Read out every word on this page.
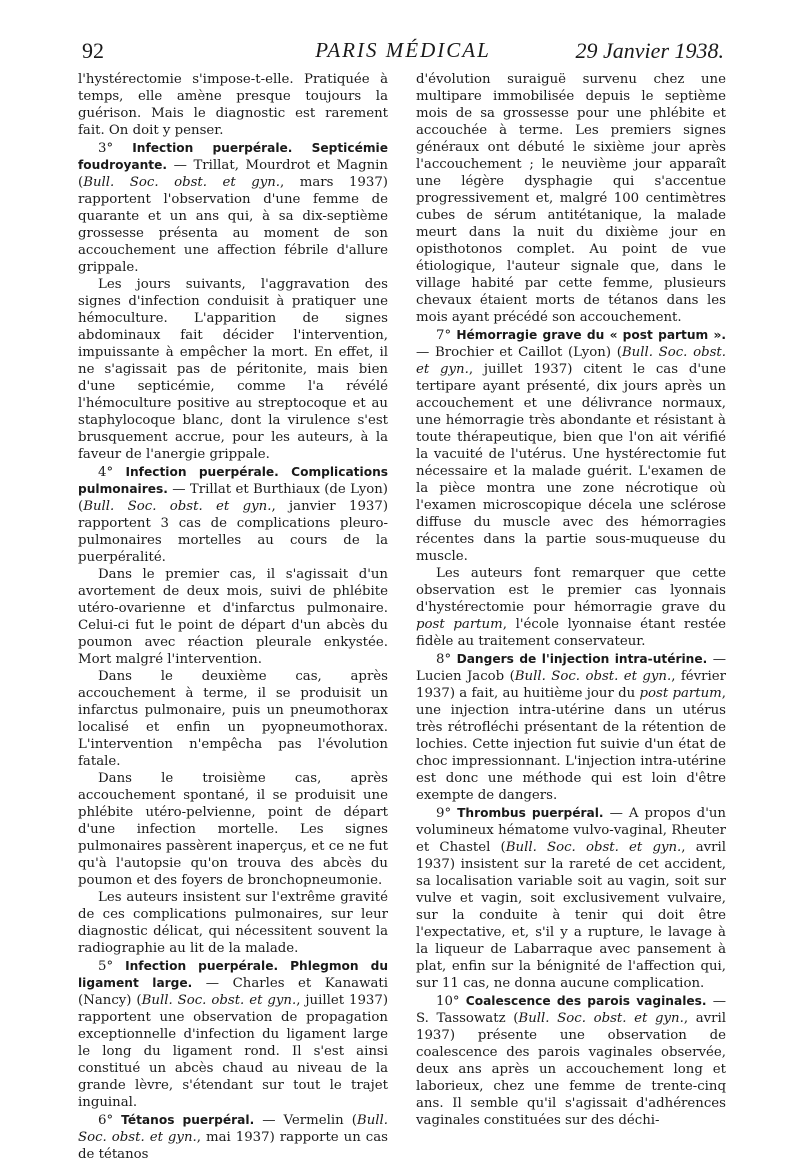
92	PARIS MÉDICAL	29 Janvier 1938.

l'hystérectomie s'impose-t-elle. Pratiquée à temps, elle amène presque toujours la guérison. Mais le diagnostic est rarement fait. On doit y penser.

3° Infection puerpérale. Septicémie foudroyante. — Trillat, Mourdrot et Magnin (Bull. Soc. obst. et gyn., mars 1937) rapportent l'observation d'une femme de quarante et un ans qui, à sa dix-septième grossesse présenta au moment de son accouchement une affection fébrile d'allure grippale.

Les jours suivants, l'aggravation des signes d'infection conduisit à pratiquer une hémoculture. L'apparition de signes abdominaux fait décider l'intervention, impuissante à empêcher la mort. En effet, il ne s'agissait pas de péritonite, mais bien d'une septicémie, comme l'a révélé l'hémoculture positive au streptocoque et au staphylocoque blanc, dont la virulence s'est brusquement accrue, pour les auteurs, à la faveur de l'anergie grippale.

4° Infection puerpérale. Complications pulmonaires. — Trillat et Burthiaux (de Lyon) (Bull. Soc. obst. et gyn., janvier 1937) rapportent 3 cas de complications pleuro-pulmonaires mortelles au cours de la puerpéralité.

Dans le premier cas, il s'agissait d'un avortement de deux mois, suivi de phlébite utéro-ovarienne et d'infarctus pulmonaire. Celui-ci fut le point de départ d'un abcès du poumon avec réaction pleurale enkystée. Mort malgré l'intervention.

Dans le deuxième cas, après accouchement à terme, il se produisit un infarctus pulmonaire, puis un pneumothorax localisé et enfin un pyopneumothorax. L'intervention n'empêcha pas l'évolution fatale.

Dans le troisième cas, après accouchement spontané, il se produisit une phlébite utéro-pelvienne, point de départ d'une infection mortelle. Les signes pulmonaires passèrent inaperçus, et ce ne fut qu'à l'autopsie qu'on trouva des abcès du poumon et des foyers de bronchopneumonie.

Les auteurs insistent sur l'extrême gravité de ces complications pulmonaires, sur leur diagnostic délicat, qui nécessitent souvent la radiographie au lit de la malade.

5° Infection puerpérale. Phlegmon du ligament large. — Charles et Kanawati (Nancy) (Bull. Soc. obst. et gyn., juillet 1937) rapportent une observation de propagation exceptionnelle d'infection du ligament large le long du ligament rond. Il s'est ainsi constitué un abcès chaud au niveau de la grande lèvre, s'étendant sur tout le trajet inguinal.

6° Tétanos puerpéral. — Vermelin (Bull. Soc. obst. et gyn., mai 1937) rapporte un cas de tétanos

d'évolution suraiguë survenu chez une multipare immobilisée depuis le septième mois de sa grossesse pour une phlébite et accouchée à terme. Les premiers signes généraux ont débuté le sixième jour après l'accouchement ; le neuvième jour apparaît une légère dysphagie qui s'accentue progressivement et, malgré 100 centimètres cubes de sérum antitétanique, la malade meurt dans la nuit du dixième jour en opisthotonos complet. Au point de vue étiologique, l'auteur signale que, dans le village habité par cette femme, plusieurs chevaux étaient morts de tétanos dans les mois ayant précédé son accouchement.

7° Hémorragie grave du « post partum ». — Brochier et Caillot (Lyon) (Bull. Soc. obst. et gyn., juillet 1937) citent le cas d'une tertipare ayant présenté, dix jours après un accouchement et une délivrance normaux, une hémorragie très abondante et résistant à toute thérapeutique, bien que l'on ait vérifié la vacuité de l'utérus. Une hystérectomie fut nécessaire et la malade guérit. L'examen de la pièce montra une zone nécrotique où l'examen microscopique décela une sclérose diffuse du muscle avec des hémorragies récentes dans la partie sous-muqueuse du muscle.

Les auteurs font remarquer que cette observation est le premier cas lyonnais d'hystérectomie pour hémorragie grave du post partum, l'école lyonnaise étant restée fidèle au traitement conservateur.

8° Dangers de l'injection intra-utérine. — Lucien Jacob (Bull. Soc. obst. et gyn., février 1937) a fait, au huitième jour du post partum, une injection intra-utérine dans un utérus très rétrofléchi présentant de la rétention de lochies. Cette injection fut suivie d'un état de choc impressionnant. L'injection intra-utérine est donc une méthode qui est loin d'être exempte de dangers.

9° Thrombus puerpéral. — A propos d'un volumineux hématome vulvo-vaginal, Rheuter et Chastel (Bull. Soc. obst. et gyn., avril 1937) insistent sur la rareté de cet accident, sa localisation variable soit au vagin, soit sur vulve et vagin, soit exclusivement vulvaire, sur la conduite à tenir qui doit être l'expectative, et, s'il y a rupture, le lavage à la liqueur de Labarraque avec pansement à plat, enfin sur la bénignité de l'affection qui, sur 11 cas, ne donna aucune complication.

10° Coalescence des parois vaginales. — S. Tassowatz (Bull. Soc. obst. et gyn., avril 1937) présente une observation de coalescence des parois vaginales observée, deux ans après un accouchement long et laborieux, chez une femme de trente-cinq ans. Il semble qu'il s'agissait d'adhérences vaginales constituées sur des déchi-
